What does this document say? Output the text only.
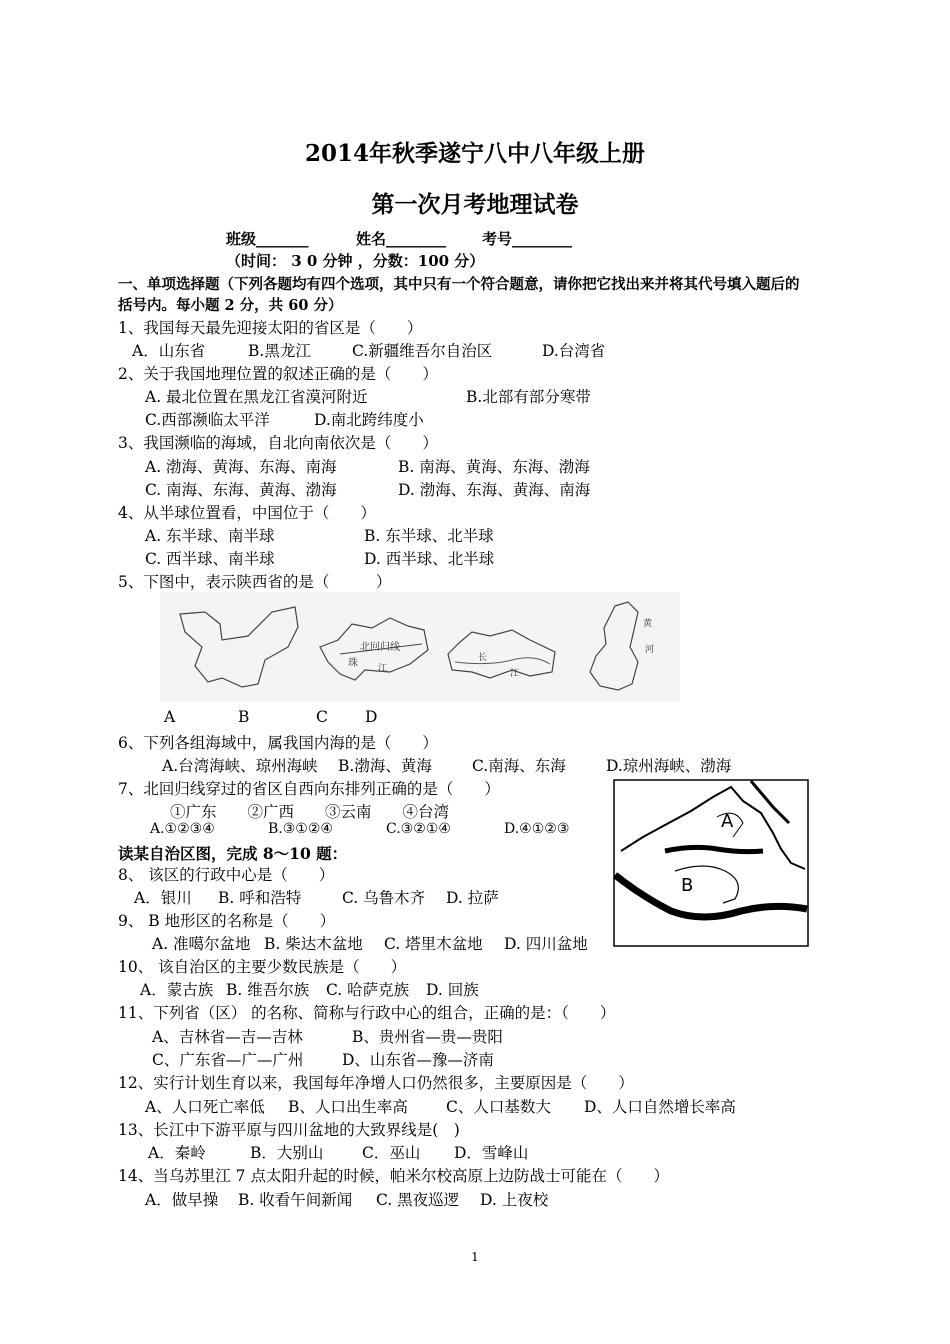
2014年秋季遂宁八中八年级上册
第一次月考地理试卷
班级_______	姓名________ 考号________
（时间： 3 0 分钟 ，分数：100 分）
一、单项选择题（下列各题均有四个选项，其中只有一个符合题意，请你把它找出来并将其代号填入题后的
括号内。每小题 2 分，共 60 分）
1、我国每天最先迎接太阳的省区是（　　）
A．山东省	B.黑龙江	C.新疆维吾尔自治区	D.台湾省
2、关于我国地理位置的叙述正确的是（　　）
A. 最北位置在黑龙江省漠河附近	B.北部有部分寒带
C.西部濒临太平洋	D.南北跨纬度小
3、我国濒临的海域，自北向南依次是（　　）
A. 渤海、黄海、东海、南海	B. 南海、黄海、东海、渤海
C. 南海、东海、黄海、渤海	D. 渤海、东海、黄海、南海
4、从半球位置看，中国位于（　　）
A. 东半球、南半球	B. 东半球、北半球
C. 西半球、南半球	D. 西半球、北半球
5、下图中，表示陕西省的是（　　　）
北回归线
珠 江
长
江
黄
河
A	B	C D
6、下列各组海域中，属我国内海的是（　　）
A.台湾海峡、琼州海峡 B.渤海、黄海	C.南海、东海	D.琼州海峡、渤海
7、北回归线穿过的省区自西向东排列正确的是（　　）
①广东　　②广西　　③云南　　④台湾
A.①②③④	B.③①②④	C.③②①④	D.④①②③
读某自治区图，完成 8～10 题：
A
B
8、 该区的行政中心是（　　）
A．银川 B. 呼和浩特	C. 乌鲁木齐 D. 拉萨
9、 B 地形区的名称是（　　）
A. 准噶尔盆地 B. 柴达木盆地 C. 塔里木盆地 D. 四川盆地
10、 该自治区的主要少数民族是（　　）
A．蒙古族 B. 维吾尔族 C. 哈萨克族 D. 回族
11、下列省（区） 的名称、简称与行政中心的组合，正确的是：（　　）
A、吉林省—吉—吉林	B、贵州省—贵—贵阳
C、广东省—广—广州 D、山东省—豫—济南
12、实行计划生育以来，我国每年净增人口仍然很多，主要原因是（　　）
A、人口死亡率低 B、人口出生率高 C、人口基数大 D、人口自然增长率高
13、长江中下游平原与四川盆地的大致界线是(　)
A．秦岭	B．大别山 C．巫山 D．雪峰山
14、当乌苏里江 7 点太阳升起的时候，帕米尔校高原上边防战士可能在（　　）
A．做早操 B. 收看午间新闻 C. 黑夜巡逻 D. 上夜校
1
